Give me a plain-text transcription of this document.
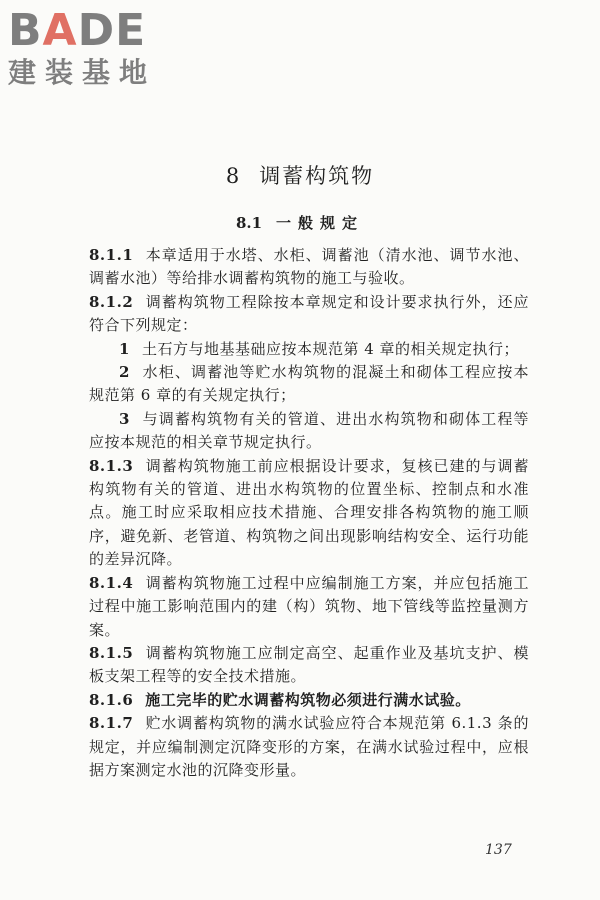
BADE
建装基地
8 调蓄构筑物
8.1 一般规定

8.1.1 本章适用于水塔、水柜、调蓄池（清水池、调节水池、调蓄水池）等给排水调蓄构筑物的施工与验收。

8.1.2 调蓄构筑物工程除按本章规定和设计要求执行外，还应符合下列规定：

1 土石方与地基基础应按本规范第 4 章的相关规定执行；

2 水柜、调蓄池等贮水构筑物的混凝土和砌体工程应按本规范第 6 章的有关规定执行；

3 与调蓄构筑物有关的管道、进出水构筑物和砌体工程等应按本规范的相关章节规定执行。

8.1.3 调蓄构筑物施工前应根据设计要求，复核已建的与调蓄构筑物有关的管道、进出水构筑物的位置坐标、控制点和水准点。施工时应采取相应技术措施、合理安排各构筑物的施工顺序，避免新、老管道、构筑物之间出现影响结构安全、运行功能的差异沉降。

8.1.4 调蓄构筑物施工过程中应编制施工方案，并应包括施工过程中施工影响范围内的建（构）筑物、地下管线等监控量测方案。

8.1.5 调蓄构筑物施工应制定高空、起重作业及基坑支护、模板支架工程等的安全技术措施。

8.1.6 施工完毕的贮水调蓄构筑物必须进行满水试验。

8.1.7 贮水调蓄构筑物的满水试验应符合本规范第 6.1.3 条的规定，并应编制测定沉降变形的方案，在满水试验过程中，应根据方案测定水池的沉降变形量。

137
